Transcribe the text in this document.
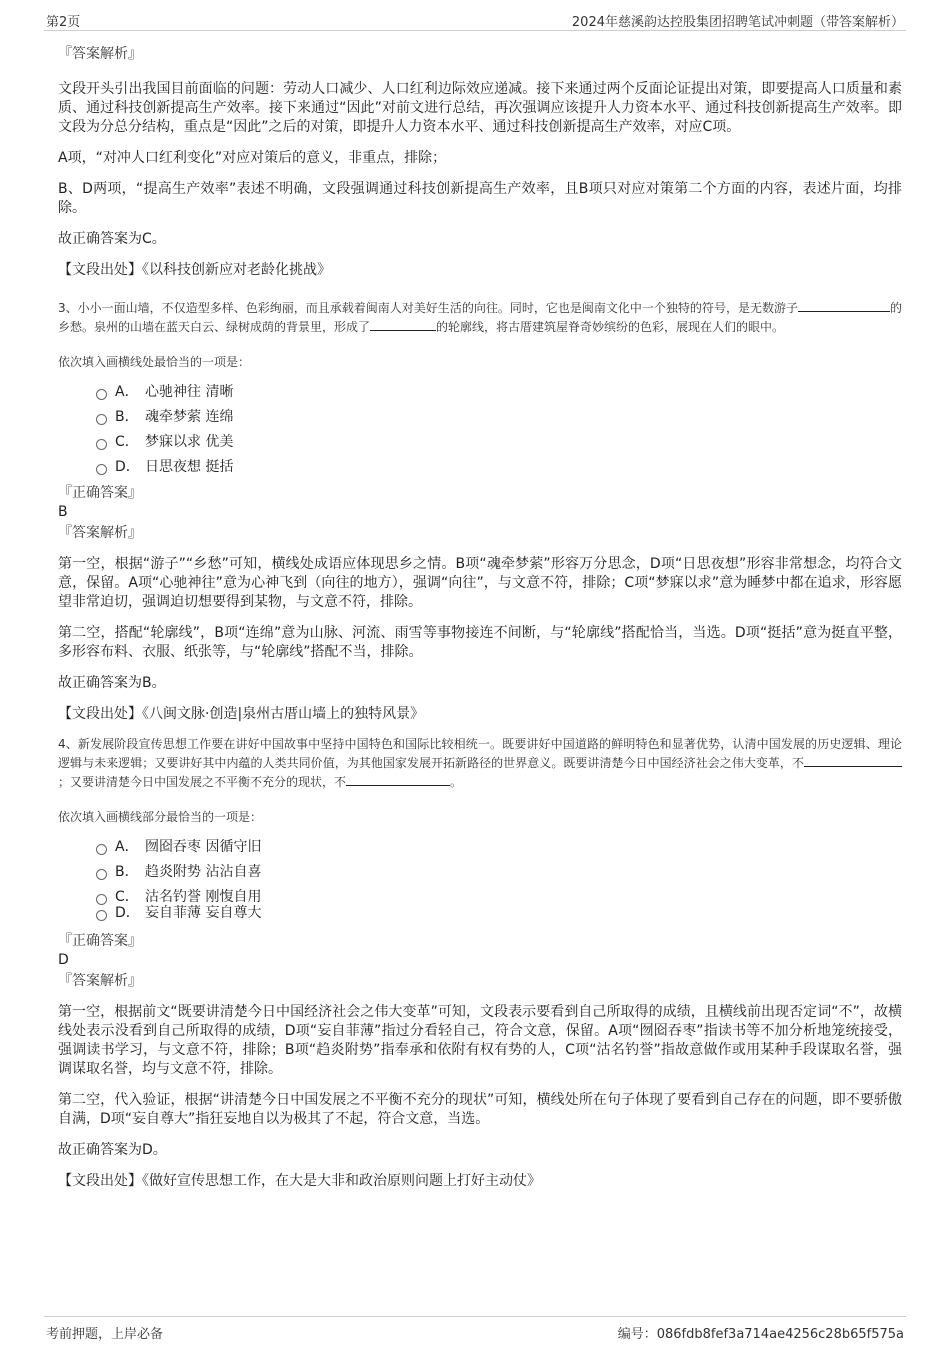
第2页	2024年慈溪韵达控股集团招聘笔试冲刺题（带答案解析）
『答案解析』

文段开头引出我国目前面临的问题：劳动人口减少、人口红利边际效应递减。接下来通过两个反面论证提出对策，即要提高人口质量和素质、通过科技创新提高生产效率。接下来通过“因此”对前文进行总结，再次强调应该提升人力资本水平、通过科技创新提高生产效率。即文段为分总分结构，重点是“因此”之后的对策，即提升人力资本水平、通过科技创新提高生产效率，对应C项。

A项，“对冲人口红利变化”对应对策后的意义，非重点，排除；

B、D两项，“提高生产效率”表述不明确，文段强调通过科技创新提高生产效率，且B项只对应对策第二个方面的内容，表述片面，均排除。

故正确答案为C。

【文段出处】《以科技创新应对老龄化挑战》

3、小小一面山墙，不仅造型多样、色彩绚丽，而且承载着闽南人对美好生活的向往。同时，它也是闽南文化中一个独特的符号，是无数游子	的乡愁。泉州的山墙在蓝天白云、绿树成荫的背景里，形成了	的轮廓线，将古厝建筑屋脊奇妙缤纷的色彩，展现在人们的眼中。

依次填入画横线处最恰当的一项是：

A． 心驰神往 清晰
B． 魂牵梦萦 连绵
C． 梦寐以求 优美
D． 日思夜想 挺括
『正确答案』
B
『答案解析』

第一空，根据“游子”“乡愁”可知，横线处成语应体现思乡之情。B项“魂牵梦萦”形容万分思念，D项“日思夜想”形容非常想念，均符合文意，保留。A项“心驰神往”意为心神飞到（向往的地方），强调“向往”，与文意不符，排除；C项“梦寐以求”意为睡梦中都在追求，形容愿望非常迫切，强调迫切想要得到某物，与文意不符，排除。

第二空，搭配“轮廓线”，B项“连绵”意为山脉、河流、雨雪等事物接连不间断，与“轮廓线”搭配恰当，当选。D项“挺括”意为挺直平整，多形容布料、衣服、纸张等，与“轮廓线”搭配不当，排除。

故正确答案为B。

【文段出处】《八闽文脉·创造|泉州古厝山墙上的独特风景》

4、新发展阶段宣传思想工作要在讲好中国故事中坚持中国特色和国际比较相统一。既要讲好中国道路的鲜明特色和显著优势，认清中国发展的历史逻辑、理论逻辑与未来逻辑；又要讲好其中内蕴的人类共同价值，为其他国家发展开拓新路径的世界意义。既要讲清楚今日中国经济社会之伟大变革，不；又要讲清楚今日中国发展之不平衡不充分的现状，不	。

依次填入画横线部分最恰当的一项是：

A． 囫囵吞枣 因循守旧
B． 趋炎附势 沾沾自喜
C． 沽名钓誉 刚愎自用
D． 妄自菲薄 妄自尊大
『正确答案』
D
『答案解析』

第一空，根据前文“既要讲清楚今日中国经济社会之伟大变革”可知，文段表示要看到自己所取得的成绩，且横线前出现否定词“不”，故横线处表示没看到自己所取得的成绩，D项“妄自菲薄”指过分看轻自己，符合文意，保留。A项“囫囵吞枣”指读书等不加分析地笼统接受，强调读书学习，与文意不符，排除；B项“趋炎附势”指奉承和依附有权有势的人，C项“沽名钓誉”指故意做作或用某种手段谋取名誉，强调谋取名誉，均与文意不符，排除。

第二空，代入验证，根据“讲清楚今日中国发展之不平衡不充分的现状”可知，横线处所在句子体现了要看到自己存在的问题，即不要骄傲自满，D项“妄自尊大”指狂妄地自以为极其了不起，符合文意，当选。

故正确答案为D。

【文段出处】《做好宣传思想工作，在大是大非和政治原则问题上打好主动仗》

考前押题，上岸必备	编号：086fdb8fef3a714ae4256c28b65f575a
